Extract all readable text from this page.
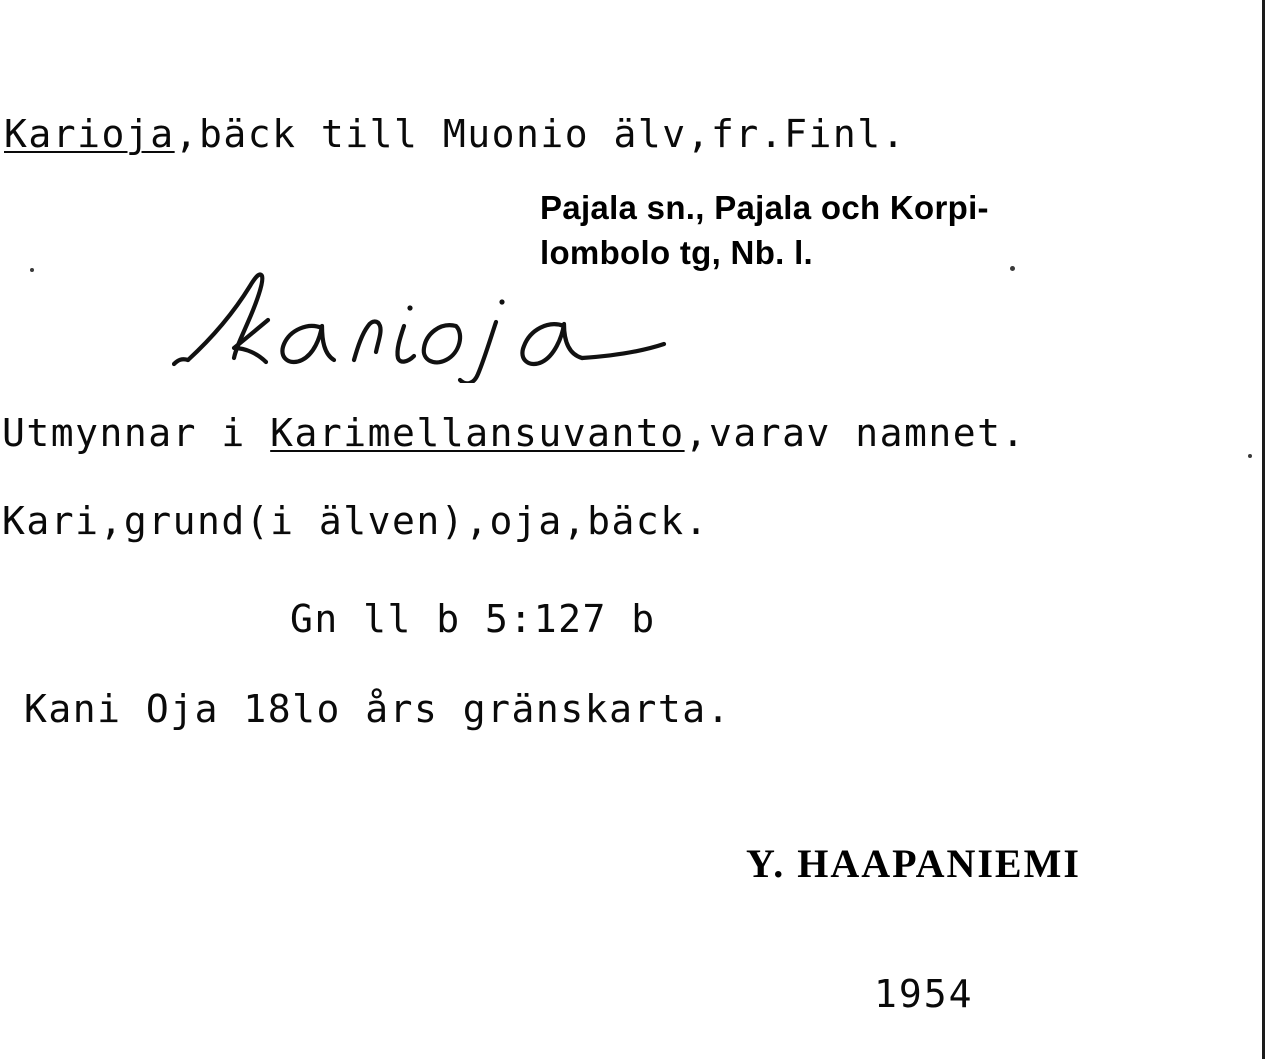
Karioja,bäck till Muonio älv,fr.Finl.
Pajala sn., Pajala och Korpi-
lombolo tg, Nb. l.
Utmynnar i Karimellansuvanto,varav namnet.
Kari,grund(i älven),oja,bäck.
Gn ll b 5:127 b
Kani Oja 18lo års gränskarta.
Y. HAAPANIEMI
1954
